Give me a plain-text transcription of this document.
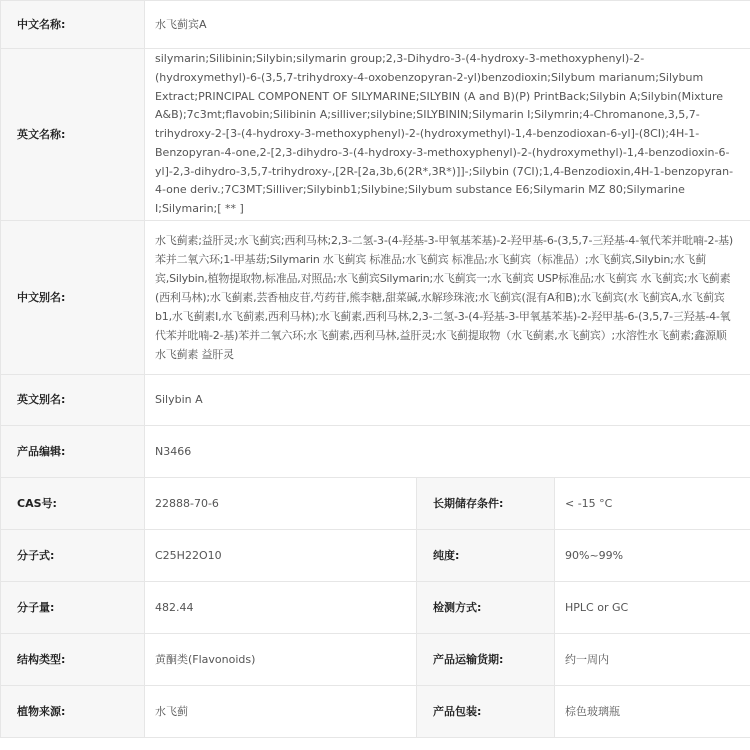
中文名称:	水飞蓟宾A		
英文名称:	silymarin;Silibinin;Silybin;silymarin group;2,3-Dihydro-3-(4-hydroxy-3-methoxyphenyl)-2-(hydroxymethyl)-6-(3,5,7-trihydroxy-4-oxobenzopyran-2-yl)benzodioxin;Silybum marianum;Silybum Extract;PRINCIPAL COMPONENT OF SILYMARINE;SILYBIN (A and B)(P) PrintBack;Silybin A;Silybin(Mixture A&B);7c3mt;flavobin;Silibinin A;silliver;silybine;SILYBININ;Silymarin I;Silymrin;4-Chromanone,3,5,7-trihydroxy-2-[3-(4-hydroxy-3-methoxyphenyl)-2-(hydroxymethyl)-1,4-benzodioxan-6-yl]-(8CI);4H-1-Benzopyran-4-one,2-[2,3-dihydro-3-(4-hydroxy-3-methoxyphenyl)-2-(hydroxymethyl)-1,4-benzodioxin-6-yl]-2,3-dihydro-3,5,7-trihydroxy-,[2R-[2a,3b,6(2R*,3R*)]]-;Silybin (7CI);1,4-Benzodioxin,4H-1-benzopyran-4-one deriv.;7C3MT;Silliver;Silybinb1;Silybine;Silybum substance E6;Silymarin MZ 80;Silymarine I;Silymarin;[ ** ]		
中文别名:	水飞蓟素;益肝灵;水飞蓟宾;西利马林;2,3-二氢-3-(4-羟基-3-甲氧基苯基)-2-羟甲基-6-(3,5,7-三羟基-4-氧代苯并吡喃-2-基)苯并二氧六环;1-甲基苭;Silymarin 水飞蓟宾 标准品;水飞蓟宾 标准品;水飞蓟宾（标准品）;水飞蓟宾,Silybin;水飞蓟宾,Silybin,植物提取物,标准品,对照品;水飞蓟宾Silymarin;水飞蓟宾一;水飞蓟宾 USP标准品;水飞蓟宾 水飞蓟宾;水飞蓟素(西利马林);水飞蓟素,芸香柚皮苷,芍药苷,熊李糖,甜菜碱,水解珍珠液;水飞蓟宾(混有A和B);水飞蓟宾(水飞蓟宾A,水飞蓟宾b1,水飞蓟素Ⅰ,水飞蓟素,西利马林);水飞蓟素,西利马林,2,3-二氢-3-(4-羟基-3-甲氧基苯基)-2-羟甲基-6-(3,5,7-三羟基-4-氧代苯并吡喃-2-基)苯并二氧六环;水飞蓟素,西利马林,益肝灵;水飞蓟提取物（水飞蓟素,水飞蓟宾）;水溶性水飞蓟素;鑫源顺 水飞蓟素 益肝灵		
英文别名:	Silybin A		
产品编辑:	N3466		
CAS号:	22888-70-6	长期储存条件:	< -15 °C
分子式:	C25H22O10	纯度:	90%~99%
分子量:	482.44	检测方式:	HPLC or GC
结构类型:	黄酮类(Flavonoids)	产品运输货期:	约一周内
植物来源:	水飞蓟	产品包装:	棕色玻璃瓶
